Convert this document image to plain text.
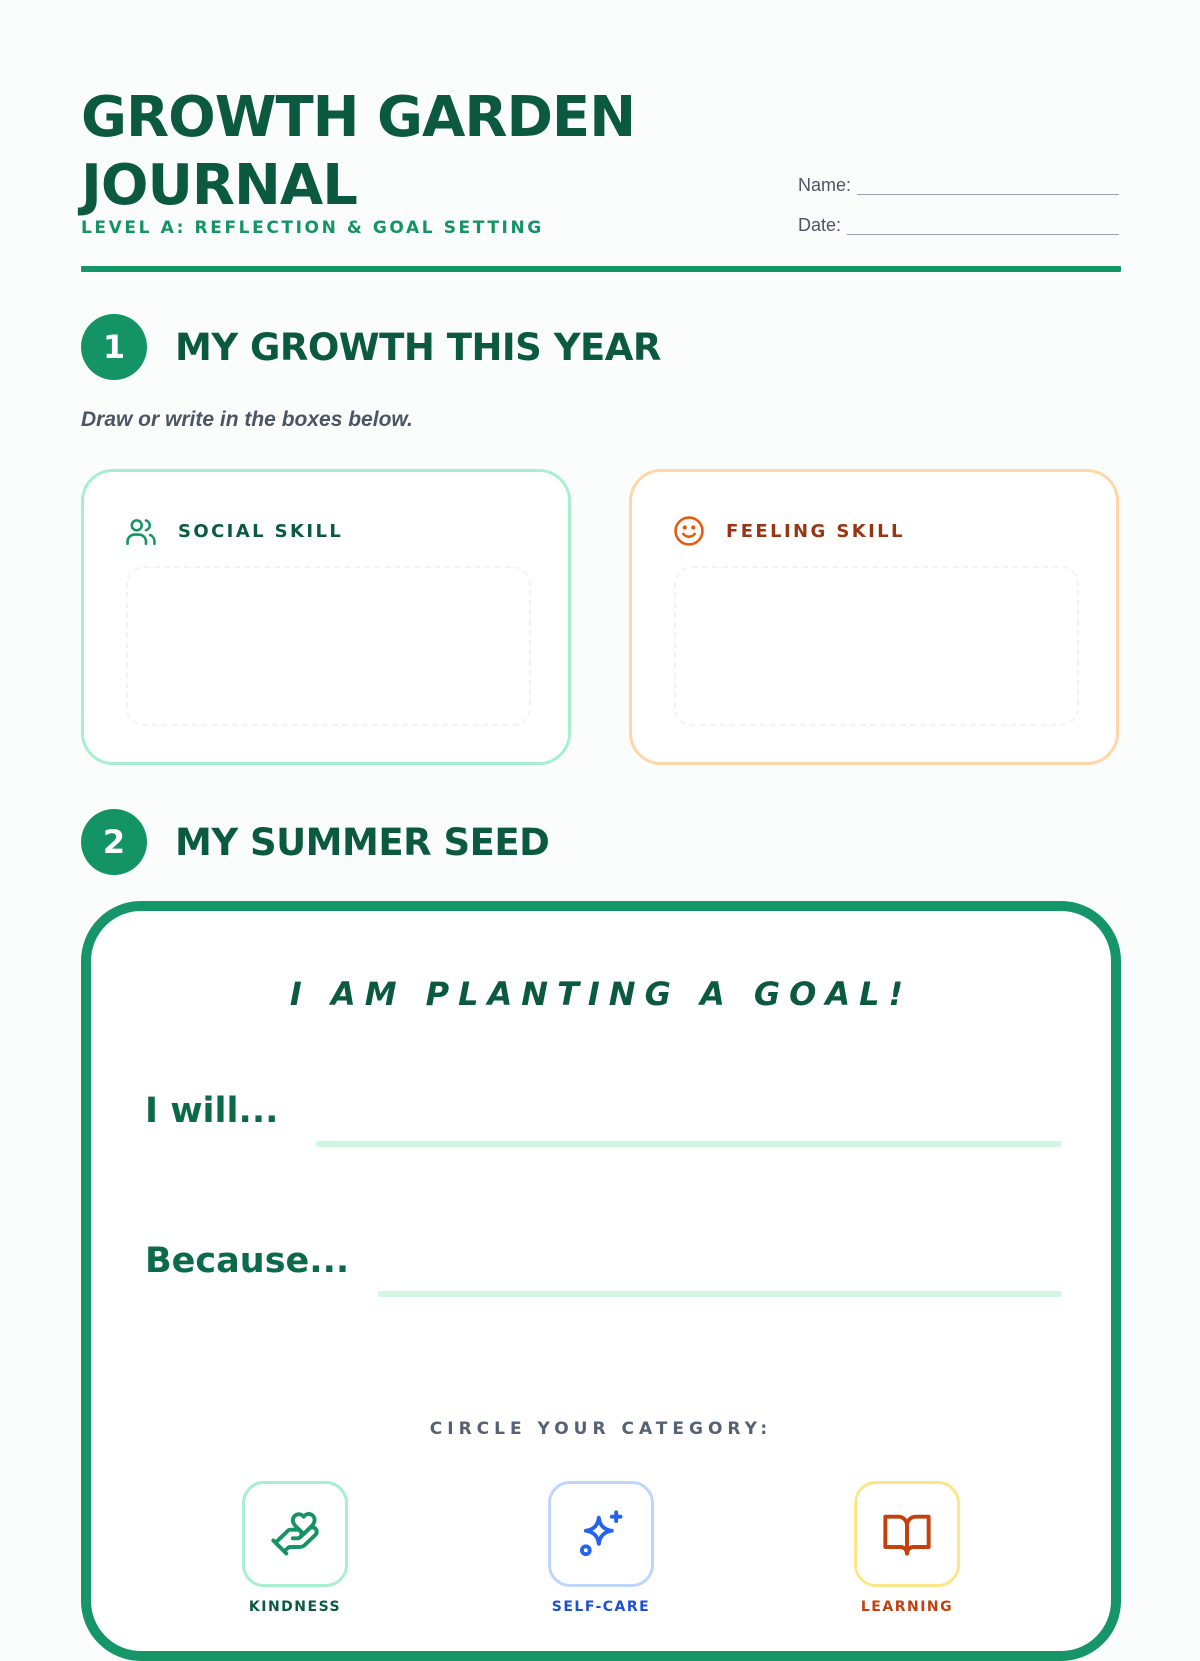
GROWTH GARDEN
JOURNAL
LEVEL A: REFLECTION & GOAL SETTING
Name:
Date:
1	MY GROWTH THIS YEAR
Draw or write in the boxes below.
SOCIAL SKILL	FEELING SKILL
2	MY SUMMER SEED
I AM PLANTING A GOAL!
I will...
Because...
CIRCLE YOUR CATEGORY:
KINDNESS	SELF-CARE	LEARNING
